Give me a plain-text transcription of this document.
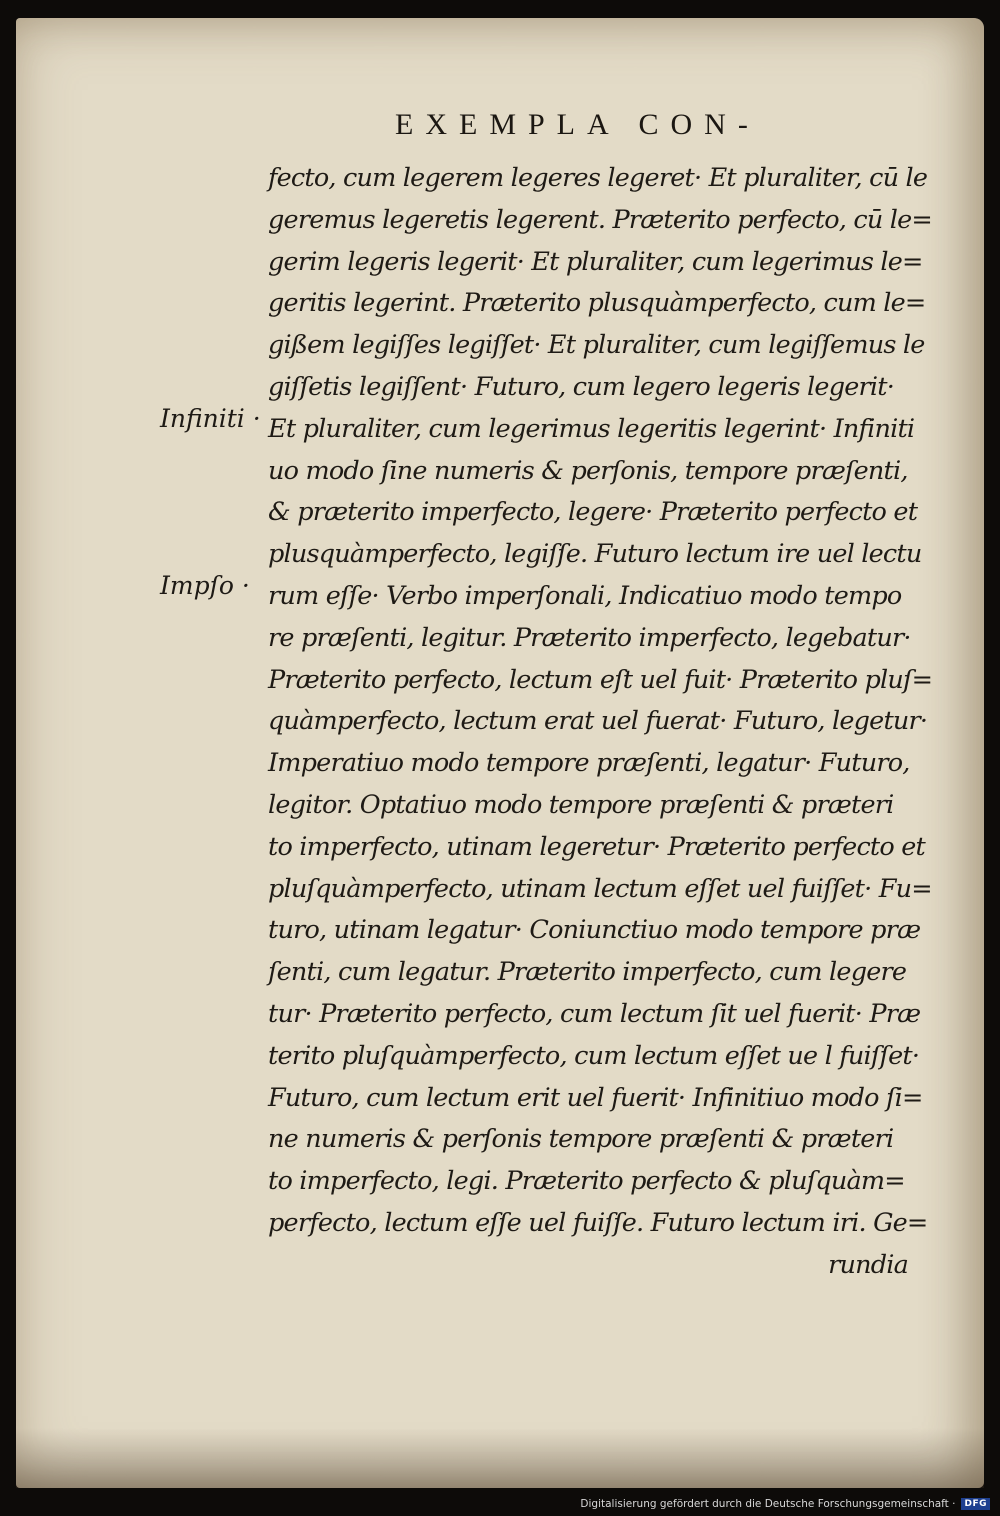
EXEMPLA CON-
Infiniti ·
Impſo ·
fecto, cum legerem legeres legeret· Et pluraliter, cū le
geremus legeretis legerent. Præterito perfecto, cū le=
gerim legeris legerit· Et pluraliter, cum legerimus le=
geritis legerint. Præterito plusquàmperfecto, cum le=
gißem legiſſes legiſſet· Et pluraliter, cum legiſſemus le
giſſetis legiſſent· Futuro, cum legero legeris legerit·
Et pluraliter, cum legerimus legeritis legerint· Infiniti
uo modo ſine numeris & perſonis, tempore præſenti,
& præterito imperfecto, legere· Præterito perfecto et
plusquàmperfecto, legiſſe. Futuro lectum ire uel lectu
rum eſſe· Verbo imperſonali, Indicatiuo modo tempo
re præſenti, legitur. Præterito imperfecto, legebatur·
Præterito perfecto, lectum eſt uel fuit· Præterito pluſ=
quàmperfecto, lectum erat uel fuerat· Futuro, legetur·
Imperatiuo modo tempore præſenti, legatur· Futuro,
legitor. Optatiuo modo tempore præſenti & præteri
to imperfecto, utinam legeretur· Præterito perfecto et
pluſquàmperfecto, utinam lectum eſſet uel fuiſſet· Fu=
turo, utinam legatur· Coniunctiuo modo tempore præ
ſenti, cum legatur. Præterito imperfecto, cum legere
tur· Præterito perfecto, cum lectum ſit uel fuerit· Præ
terito pluſquàmperfecto, cum lectum eſſet ue l fuiſſet·
Futuro, cum lectum erit uel fuerit· Infinitiuo modo ſi=
ne numeris & perſonis tempore præſenti & præteri
to imperfecto, legi. Præterito perfecto & pluſquàm=
perfecto, lectum eſſe uel fuiſſe. Futuro lectum iri. Ge=
rundia
Digitalisierung gefördert durch die Deutsche Forschungsgemeinschaft ·	DFG
